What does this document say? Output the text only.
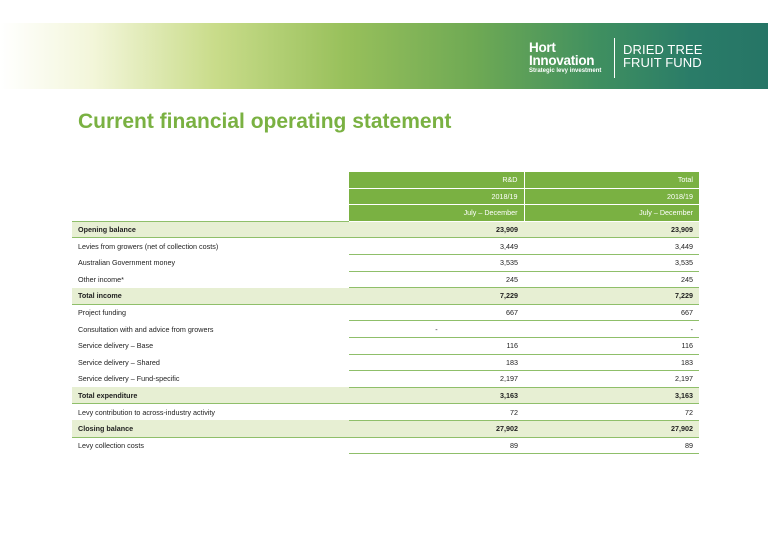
Hort
Innovation
Strategic levy investment
DRIED TREE
FRUIT FUND
Current financial operating statement
	R&D	Total
	2018/19	2018/19
	July – December	July – December
Opening balance	23,909	23,909
Levies from growers (net of collection costs)	3,449	3,449
Australian Government money	3,535	3,535
Other income*	245	245
Total income	7,229	7,229
Project funding	667	667
Consultation with and advice from growers	-	-
Service delivery – Base	116	116
Service delivery – Shared	183	183
Service delivery – Fund-specific	2,197	2,197
Total expenditure	3,163	3,163
Levy contribution to across-industry activity	72	72
Closing balance	27,902	27,902
Levy collection costs	89	89
